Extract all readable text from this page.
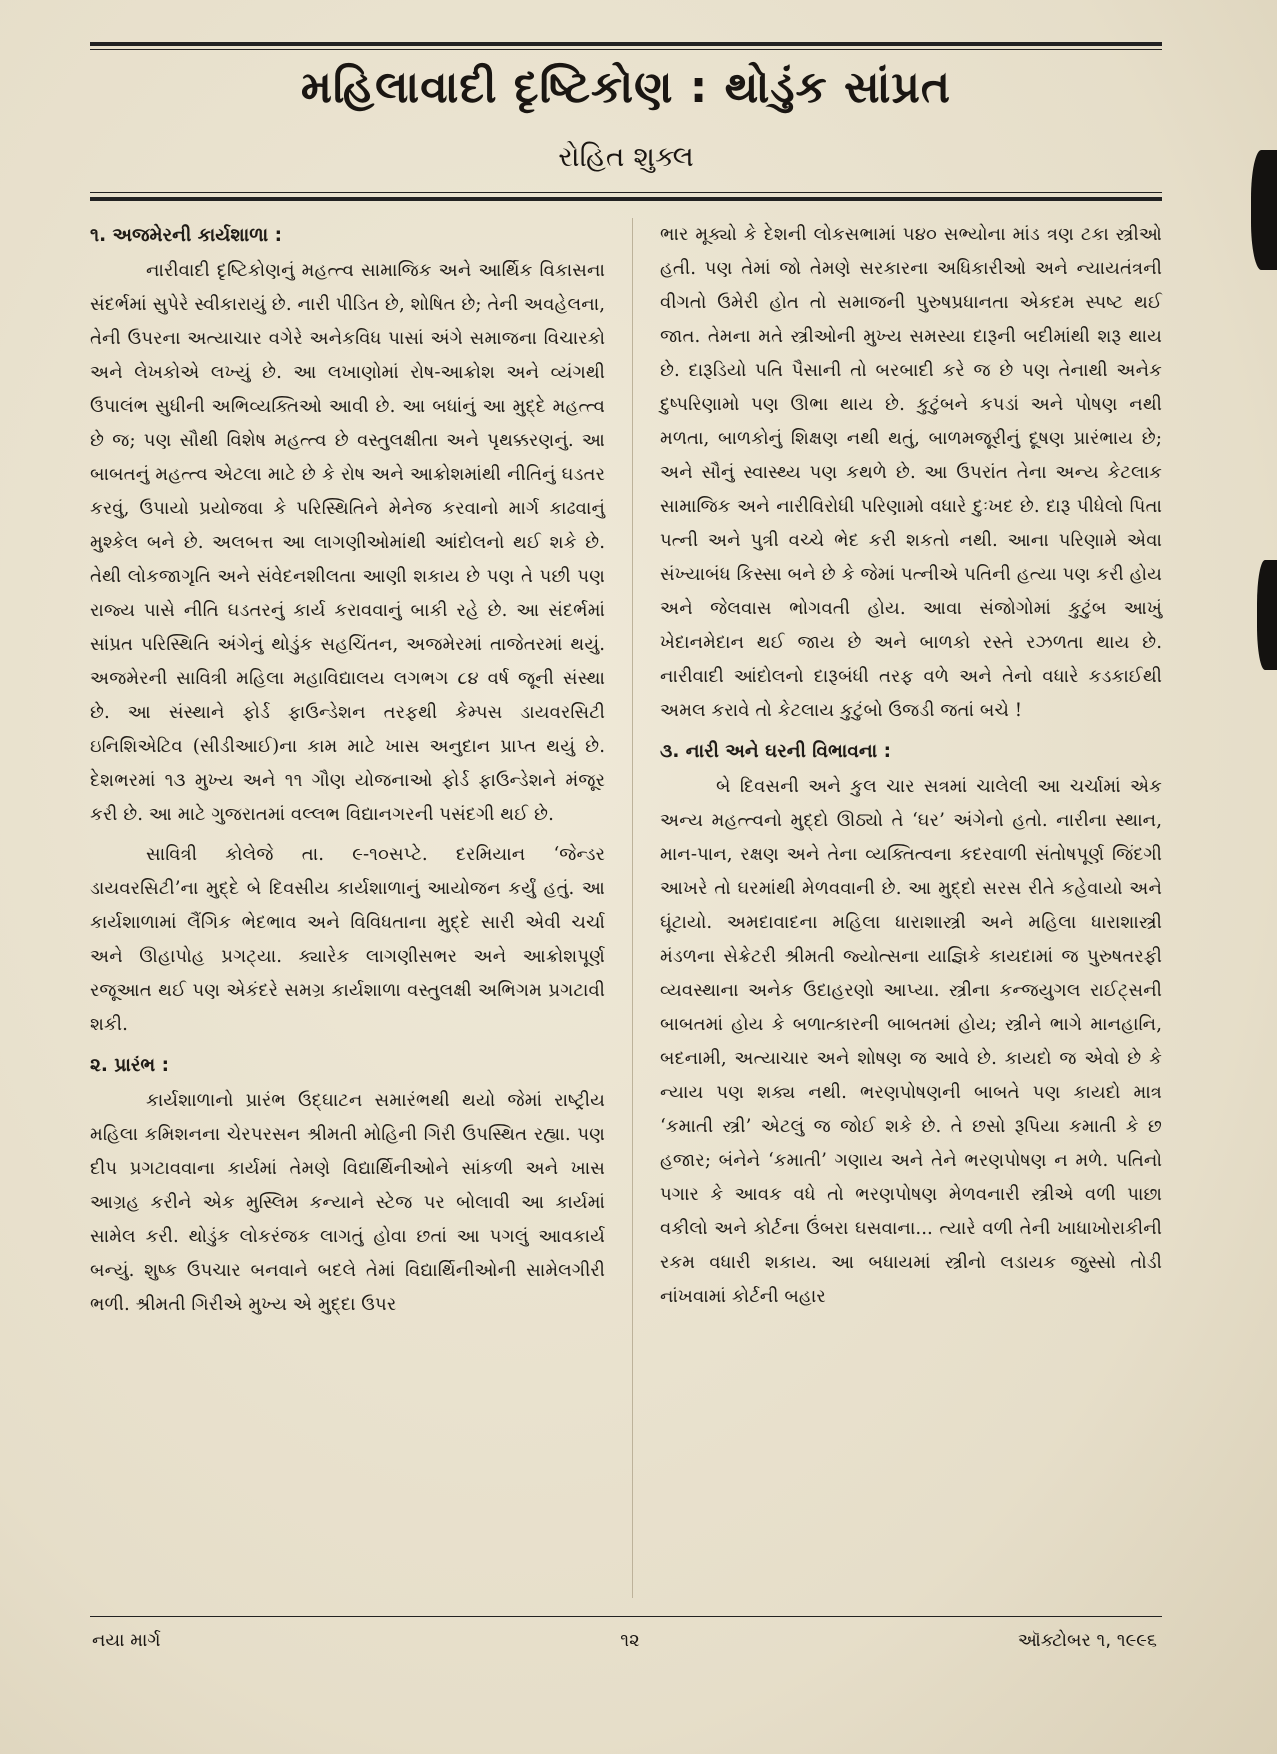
મહિલાવાદી દૃષ્ટિકોણ : થોડુંક સાંપ્રત
રોહિત શુક્લ
૧. અજમેરની કાર્યશાળા :

નારીવાદી દૃષ્ટિકોણનું મહત્ત્વ સામાજિક અને આર્થિક વિકાસના સંદર્ભમાં સુપેરે સ્વીકારાયું છે. નારી પીડિત છે, શોષિત છે; તેની અવહેલના, તેની ઉપરના અત્યાચાર વગેરે અનેકવિધ પાસાં અંગે સમાજના વિચારકો અને લેખકોએ લખ્યું છે. આ લખાણોમાં રોષ-આક્રોશ અને વ્યંગથી ઉપાલંભ સુધીની અભિવ્યક્તિઓ આવી છે. આ બધાંનું આ મુદ્દે મહત્ત્વ છે જ; પણ સૌથી વિશેષ મહત્ત્વ છે વસ્તુલક્ષીતા અને પૃથક્કરણનું. આ બાબતનું મહત્ત્વ એટલા માટે છે કે રોષ અને આક્રોશમાંથી નીતિનું ઘડતર કરવું, ઉપાયો પ્રયોજવા કે પરિસ્થિતિને મેનેજ કરવાનો માર્ગ કાઢવાનું મુશ્કેલ બને છે. અલબત્ત આ લાગણીઓમાંથી આંદોલનો થઈ શકે છે. તેથી લોકજાગૃતિ અને સંવેદનશીલતા આણી શકાય છે પણ તે પછી પણ રાજ્ય પાસે નીતિ ઘડતરનું કાર્ય કરાવવાનું બાકી રહે છે. આ સંદર્ભમાં સાંપ્રત પરિસ્થિતિ અંગેનું થોડુંક સહચિંતન, અજમેરમાં તાજેતરમાં થયું. અજમેરની સાવિત્રી મહિલા મહાવિદ્યાલય લગભગ ૮૪ વર્ષ જૂની સંસ્થા છે. આ સંસ્થાને ફોર્ડ ફાઉન્ડેશન તરફથી કેમ્પસ ડાયવરસિટી ઇનિશિએટિવ (સીડીઆઈ)ના કામ માટે ખાસ અનુદાન પ્રાપ્ત થયું છે. દેશભરમાં ૧૩ મુખ્ય અને ૧૧ ગૌણ યોજનાઓ ફોર્ડ ફાઉન્ડેશને મંજૂર કરી છે. આ માટે ગુજરાતમાં વલ્લભ વિદ્યાનગરની પસંદગી થઈ છે.

સાવિત્રી કોલેજે તા. ૯-૧૦સપ્ટે. દરમિયાન ‘જેન્ડર ડાયવરસિટી’ના મુદ્દે બે દિવસીય કાર્યશાળાનું આયોજન કર્યું હતું. આ કાર્યશાળામાં લૈંગિક ભેદભાવ અને વિવિધતાના મુદ્દે સારી એવી ચર્ચા અને ઊહાપોહ પ્રગટ્યા. ક્યારેક લાગણીસભર અને આક્રોશપૂર્ણ રજૂઆત થઈ પણ એકંદરે સમગ્ર કાર્યશાળા વસ્તુલક્ષી અભિગમ પ્રગટાવી શકી.

૨. પ્રારંભ :

કાર્યશાળાનો પ્રારંભ ઉદ્ઘાટન સમારંભથી થયો જેમાં રાષ્ટ્રીય મહિલા કમિશનના ચેરપરસન શ્રીમતી મોહિની ગિરી ઉપસ્થિત રહ્યા. પણ દીપ પ્રગટાવવાના કાર્યમાં તેમણે વિદ્યાર્થિનીઓને સાંકળી અને ખાસ આગ્રહ કરીને એક મુસ્લિમ કન્યાને સ્ટેજ પર બોલાવી આ કાર્યમાં સામેલ કરી. થોડુંક લોકરંજક લાગતું હોવા છતાં આ પગલું આવકાર્ય બન્યું. શુષ્ક ઉપચાર બનવાને બદલે તેમાં વિદ્યાર્થિનીઓની સામેલગીરી ભળી. શ્રીમતી ગિરીએ મુખ્ય એ મુદ્દા ઉપર

ભાર મૂક્યો કે દેશની લોકસભામાં ૫૪૦ સભ્યોના માંડ ત્રણ ટકા સ્ત્રીઓ હતી. પણ તેમાં જો તેમણે સરકારના અધિકારીઓ અને ન્યાયતંત્રની વીગતો ઉમેરી હોત તો સમાજની પુરુષપ્રધાનતા એકદમ સ્પષ્ટ થઈ જાત. તેમના મતે સ્ત્રીઓની મુખ્ય સમસ્યા દારૂની બદીમાંથી શરૂ થાય છે. દારૂડિયો પતિ પૈસાની તો બરબાદી કરે જ છે પણ તેનાથી અનેક દુષ્પરિણામો પણ ઊભા થાય છે. કુટુંબને કપડાં અને પોષણ નથી મળતા, બાળકોનું શિક્ષણ નથી થતું, બાળમજૂરીનું દૂષણ પ્રારંભાય છે; અને સૌનું સ્વાસ્થ્ય પણ કથળે છે. આ ઉપરાંત તેના અન્ય કેટલાક સામાજિક અને નારીવિરોધી પરિણામો વધારે દુઃખદ છે. દારૂ પીધેલો પિતા પત્ની અને પુત્રી વચ્ચે ભેદ કરી શકતો નથી. આના પરિણામે એવા સંખ્યાબંધ કિસ્સા બને છે કે જેમાં પત્નીએ પતિની હત્યા પણ કરી હોય અને જેલવાસ ભોગવતી હોય. આવા સંજોગોમાં કુટુંબ આખું ખેદાનમેદાન થઈ જાય છે અને બાળકો રસ્તે રઝળતા થાય છે. નારીવાદી આંદોલનો દારૂબંધી તરફ વળે અને તેનો વધારે કડકાઈથી અમલ કરાવે તો કેટલાય કુટુંબો ઉજડી જતાં બચે !

૩. નારી અને ઘરની વિભાવના :

બે દિવસની અને કુલ ચાર સત્રમાં ચાલેલી આ ચર્ચામાં એક અન્ય મહત્ત્વનો મુદ્દો ઊઠ્યો તે ‘ઘર’ અંગેનો હતો. નારીના સ્થાન, માન-પાન, રક્ષણ અને તેના વ્યક્તિત્વના કદરવાળી સંતોષપૂર્ણ જિંદગી આખરે તો ઘરમાંથી મેળવવાની છે. આ મુદ્દો સરસ રીતે કહેવાયો અને ઘૂંટાયો. અમદાવાદના મહિલા ધારાશાસ્ત્રી અને મહિલા ધારાશાસ્ત્રી મંડળના સેક્રેટરી શ્રીમતી જ્યોત્સના યાજ્ઞિકે કાયદામાં જ પુરુષતરફી વ્યવસ્થાના અનેક ઉદાહરણો આપ્યા. સ્ત્રીના કન્જયુગલ રાઈટ્સની બાબતમાં હોય કે બળાત્કારની બાબતમાં હોય; સ્ત્રીને ભાગે માનહાનિ, બદનામી, અત્યાચાર અને શોષણ જ આવે છે. કાયદો જ એવો છે કે ન્યાય પણ શક્ય નથી. ભરણપોષણની બાબતે પણ કાયદો માત્ર ‘કમાતી સ્ત્રી’ એટલું જ જોઈ શકે છે. તે છસો રૂપિયા કમાતી કે છ હજાર; બંનેને ‘કમાતી’ ગણાય અને તેને ભરણપોષણ ન મળે. પતિનો પગાર કે આવક વધે તો ભરણપોષણ મેળવનારી સ્ત્રીએ વળી પાછા વકીલો અને કોર્ટના ઉંબરા ઘસવાના... ત્યારે વળી તેની ખાધાખોરાકીની રકમ વધારી શકાય. આ બધાયમાં સ્ત્રીનો લડાયક જુસ્સો તોડી નાંખવામાં કોર્ટની બહાર

નયા માર્ગ	૧૨	ઑક્ટોબર ૧, ૧૯૯૬
